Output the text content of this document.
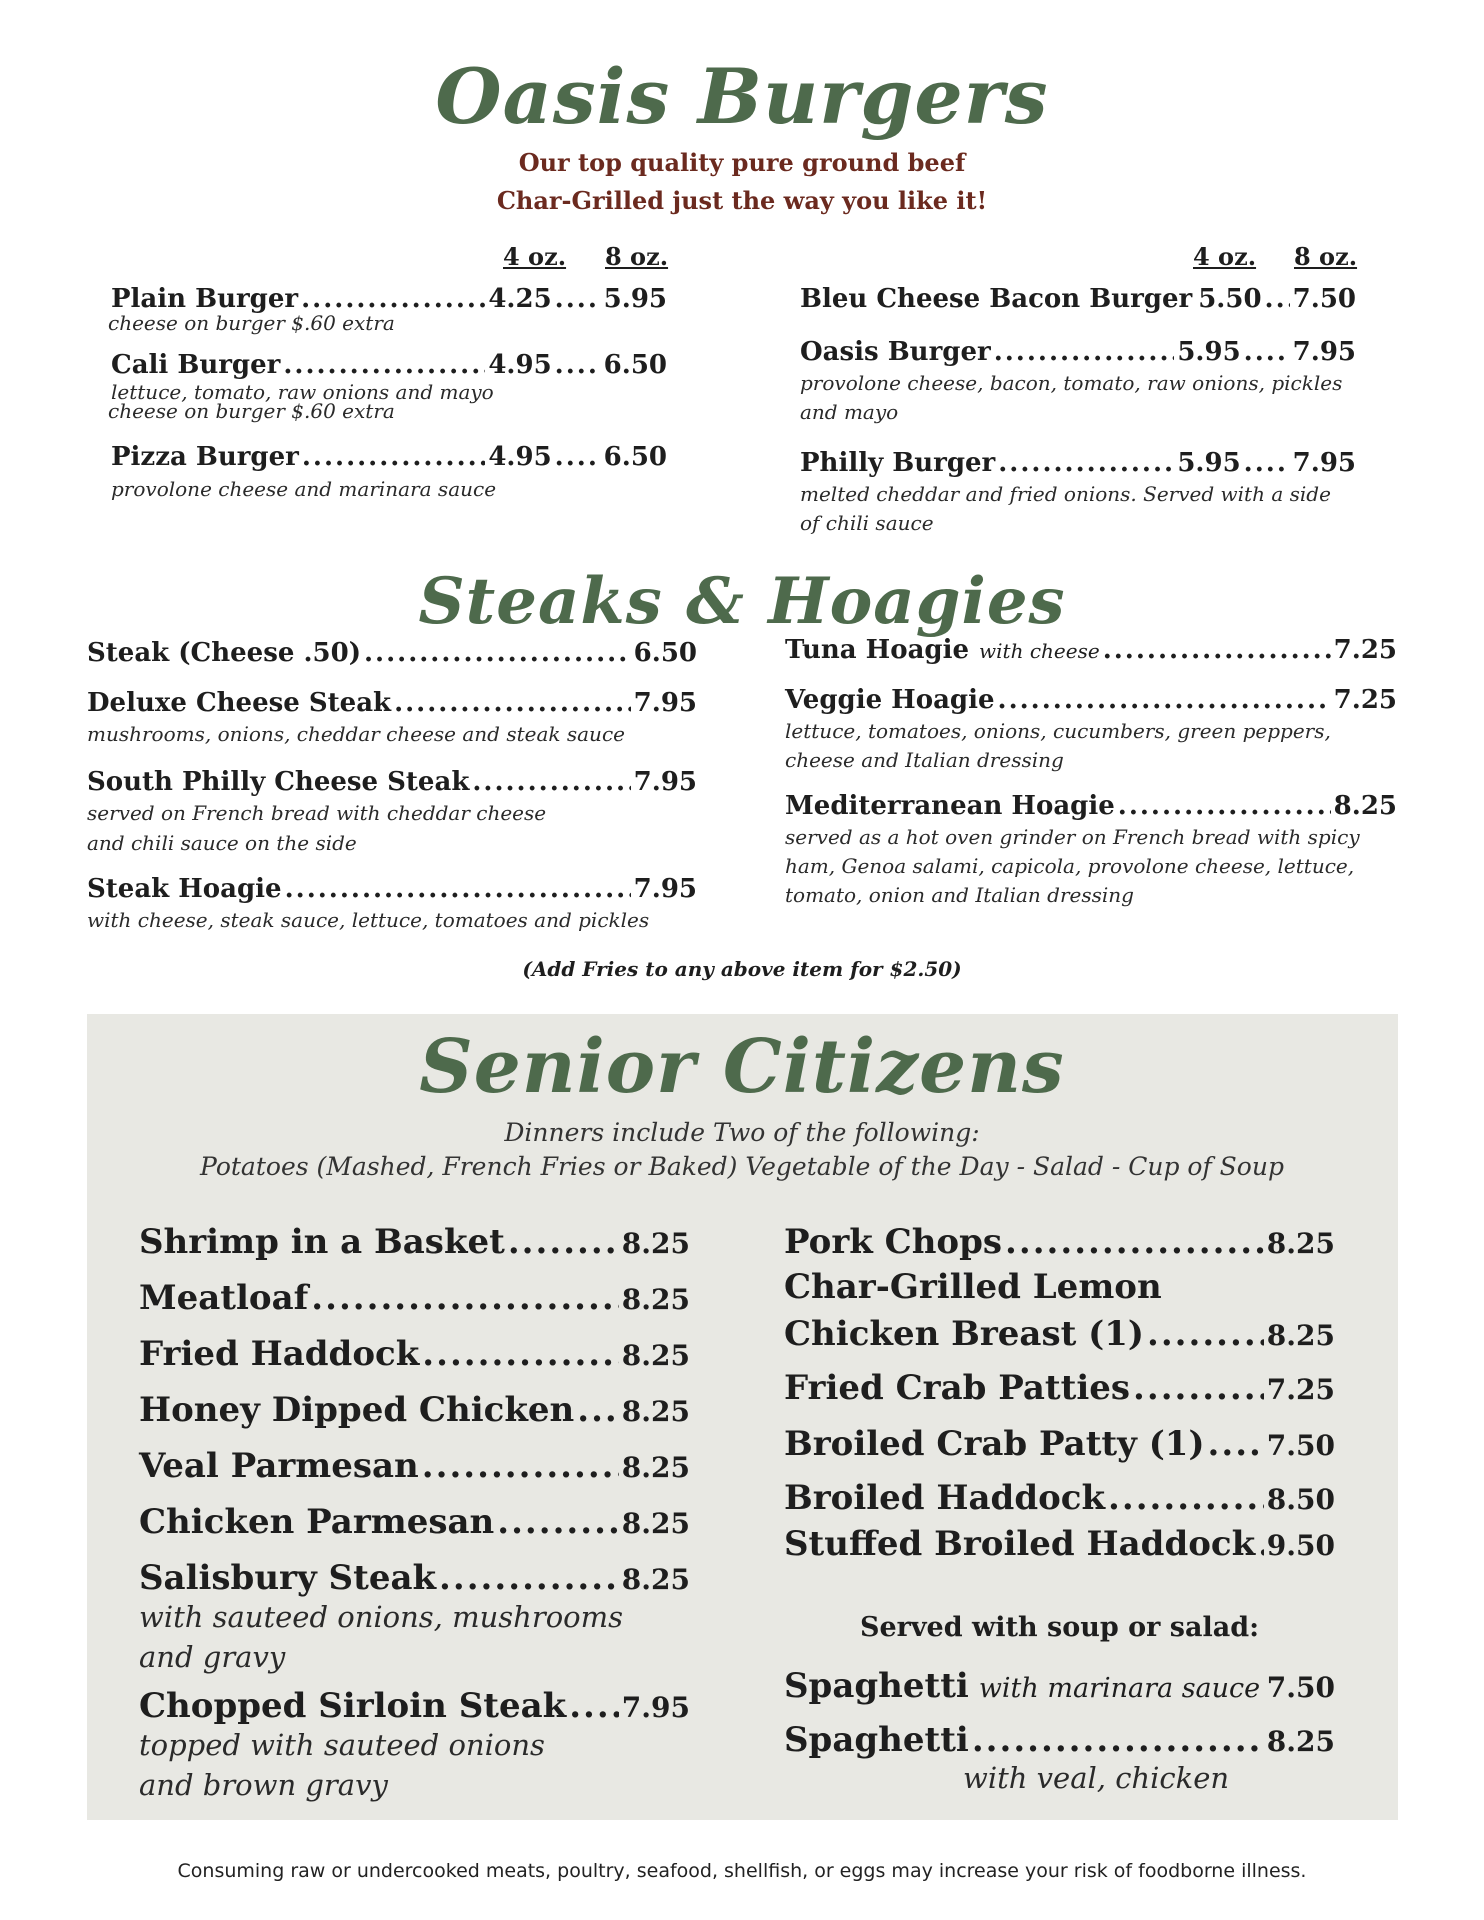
Oasis Burgers
Our top quality pure ground beef
Char-Grilled just the way you like it!
4 oz. 8 oz.	4 oz. 8 oz.
Plain Burger .....	4.25 ........ 5.95
cheese on burger $.60 extra
Cali Burger .....	4.95 ........ 6.50
lettuce, tomato, raw onions and mayo
cheese on burger $.60 extra
Pizza Burger .....	4.95 ........ 6.50
provolone cheese and marinara sauce
Bleu Cheese Bacon Burger 5.50 ........ 7.50
Oasis Burger .....	5.95 ........ 7.95
provolone cheese, bacon, tomato, raw onions, pickles
and mayo
Philly Burger .....	5.95 ........ 7.95
melted cheddar and fried onions. Served with a side
of chili sauce
Steaks & Hoagies
Steak (Cheese .50) .....	6.50
Deluxe Cheese Steak .....	7.95
mushrooms, onions, cheddar cheese and steak sauce
South Philly Cheese Steak .....	7.95
served on French bread with cheddar cheese
and chili sauce on the side
Steak Hoagie .....	7.95
with cheese, steak sauce, lettuce, tomatoes and pickles
Tuna Hoagie with cheese .....	7.25
Veggie Hoagie .....	7.25
lettuce, tomatoes, onions, cucumbers, green peppers,
cheese and Italian dressing
Mediterranean Hoagie .....	8.25
served as a hot oven grinder on French bread with spicy
ham, Genoa salami, capicola, provolone cheese, lettuce,
tomato, onion and Italian dressing
(Add Fries to any above item for $2.50)
Senior Citizens
Dinners include Two of the following:
Potatoes (Mashed, French Fries or Baked) Vegetable of the Day - Salad - Cup of Soup
Shrimp in a Basket .....	8.25
Meatloaf .....	8.25
Fried Haddock .....	8.25
Honey Dipped Chicken ..... 8.25
Veal Parmesan .....	8.25
Chicken Parmesan .....	8.25
Salisbury Steak .....	8.25
with sauteed onions, mushrooms
and gravy
Chopped Sirloin Steak ..... 7.95
topped with sauteed onions
and brown gravy
Pork Chops .....	8.25
Char-Grilled Lemon
Chicken Breast (1) .....	8.25
Fried Crab Patties .....	7.25
Broiled Crab Patty (1) ..... 7.50
Broiled Haddock .....	8.50
Stuffed Broiled Haddock ..... 9.50
Served with soup or salad:
Spaghetti with marinara sauce ..... 7.50
Spaghetti .....	8.25
with veal, chicken
Consuming raw or undercooked meats, poultry, seafood, shellfish, or eggs may increase your risk of foodborne illness.
